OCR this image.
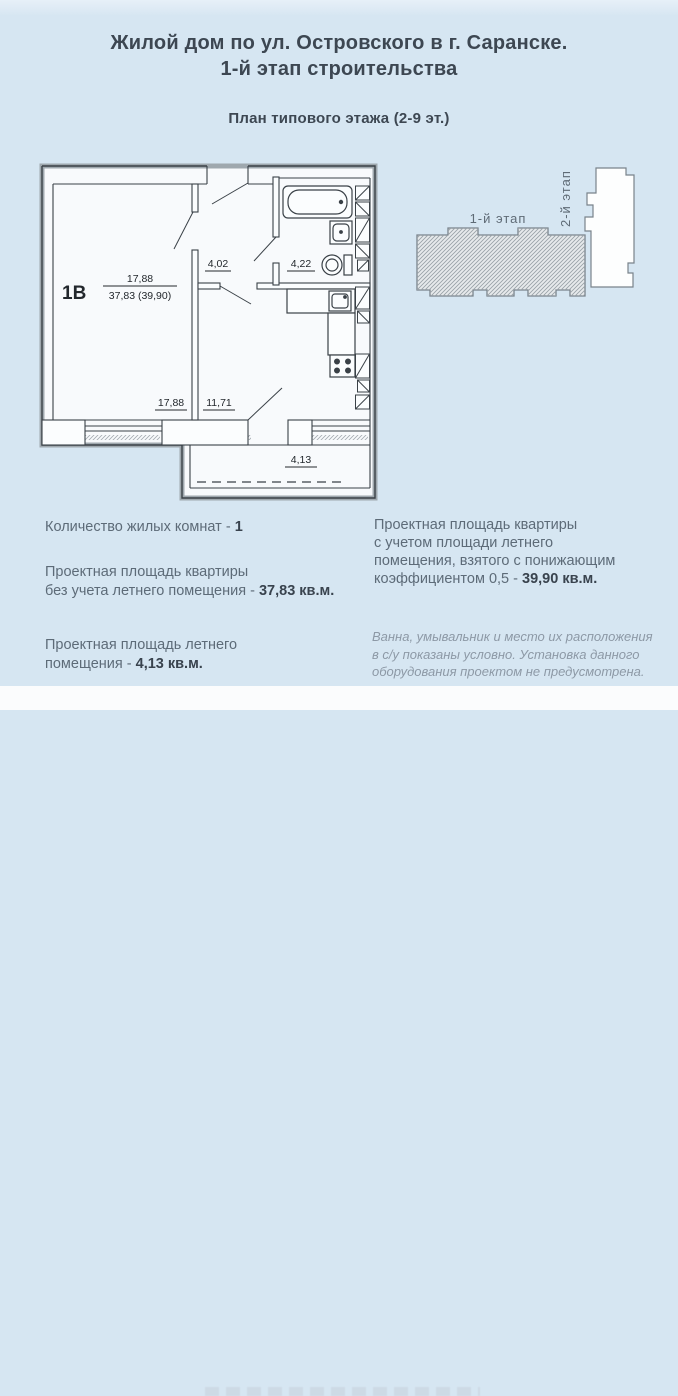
Жилой дом по ул. Островского в г. Саранске.
1-й этап строительства
План типового этажа (2-9 эт.)
1В
17,88
37,83 (39,90)
4,02	4,22
17,88 11,71
4,13
1-й этап 2-й этап
Количество жилых комнат - 1
Проектная площадь квартиры
без учета летнего помещения - 37,83 кв.м.
Проектная площадь летнего
помещения - 4,13 кв.м.
Проектная площадь квартиры
с учетом площади летнего
помещения, взятого с понижающим
коэффициентом 0,5 - 39,90 кв.м.
Ванна, умывальник и место их расположения
в с/у показаны условно. Установка данного
оборудования проектом не предусмотрена.
